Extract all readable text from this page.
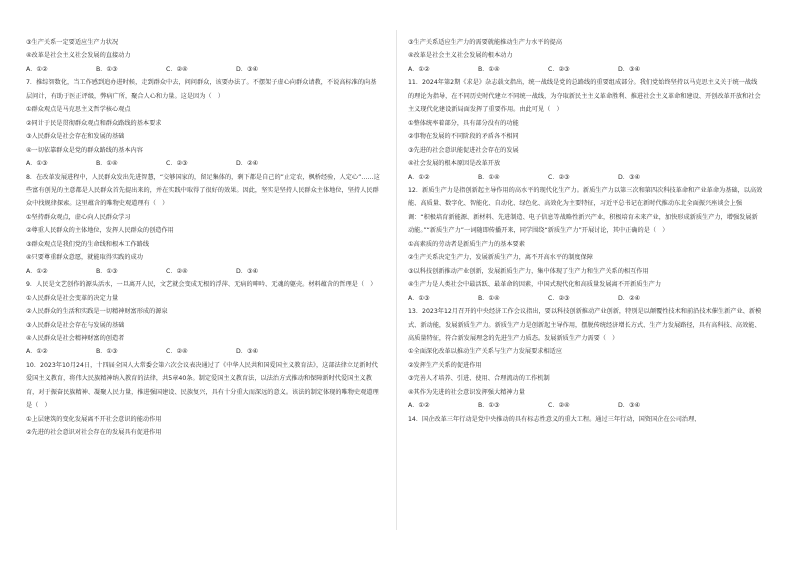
③生产关系一定要适应生产力状况

④改革是社会主义社会发展的直接动力

A．①②	B．①③	C．②④	D．③④

7．推综智数化，当工作感到追办进时候，走到群众中去，问问群众，该要办法了。不摆架子虚心向群众请教，不说高标准的向基层问计，有助于医正评级，弊病广所，聚合人心和力量。这是因为（　）

①群众观点是马克思主义哲学核心观点

②同计于民是贯彻群众观点和群众路线的基本要求

③人民群众是社会存在和发展的基础

④一切依靠群众是党的群众路线的基本内容

A．①③	B．①④	C．②③	D．②④

8．在改革发展进程中，人民群众发出先进智慧，“交够国家的，留足集体的，剩下都是自己的”止定农，枫桥经验，人定心”……这些富有创见的主意都是人民群众首先提出来的，并在实践中取得了很好的效果。因此，坚实是坚持人民群众主体地位，坚持人民群众中找规律探索。这里蕴含的唯物史观道理有（　）

①坚持群众观点，虚心向人民群众学习

②尊重人民群众的主体地位，发挥人民群众的创造作用

③群众观点是我们党的生命线和根本工作路线

④只要尊重群众意愿，就能取得实践的成功

A．①②	B．①③	C．②④	D．③④

9．人民是文艺创作的源头活水，一旦离开人民，文艺就会变成无根的浮萍、无病的呻吟、无魂的躯壳。材料蕴含的哲理是（　）

①人民群众是社会变革的决定力量

②人民群众的生活和实践是一切精神财富形成的源泉

③人民群众是社会存在与发展的基础

④人民群众是社会精神财富的创造者

A．①②	B．①③	C．②④	D．③④

10．2023年10月24日，十四届全国人大常委会第六次会议表决通过了《中华人民共和国爱国主义教育法》，这部法律立足新时代爱国主义教育，将伟大民族精神纳入教育的法律，共5章40条。制定爱国主义教育法，以法治方式推动和保障新时代爱国主义教育，对于振奋民族精神、凝聚人民力量，推进强国建设、民族复兴，具有十分重大而深远的意义。该法的制定体现的唯物史观道理是（　）

①上层建筑的变化发展离不开社会意识的能动作用

②先进的社会意识对社会存在的发展具有促进作用

③生产关系适应生产力的需要就能推动生产力水平的提高

④改革是社会主义社会发展的根本动力

A．①②	B．①④	C．②③	D．③④

11．2024年第2期《求是》杂志载文指出，统一战线是党的总路线的重要组成部分。我们党始终坚持以马克思主义关于统一战线的理论为指导，在不同历史时代建立不同统一战线，为夺取新民主主义革命胜利、推进社会主义革命和建设、开创改革开放和社会主义现代化建设新局面发挥了重要作用。由此可见（　）

①整体统率着部分，具有部分没有的功能

②事物在发展的不同阶段的矛盾各不相同

③先进的社会意识能促进社会存在的发展

④社会发展的根本原因是改革开放

A．①②	B．①④	C．②③	D．③④

12．新质生产力是指创新起主导作用的高水平的现代化生产力。新质生产力以第三次和第四次科技革命和产业革命为基础，以高效能、高质量、数字化、智能化、自动化、绿色化、高效化为主要特征，习近平总书记在新时代推动东北全面振兴座谈会上强调：“积极培育新能源、新材料、先进制造、电子信息等战略性新兴产业，积极培育未来产业，加快形成新质生产力，增强发展新动能。”“新质生产力”一词随即传播开来，同学围绕“新质生产力”开展讨论，其中正确的是（　）

①高素质的劳动者是新质生产力的基本要素

②生产关系决定生产力，发展新质生产力，离不开高水平的制度保障

③以科技创新推动产业创新，发展新质生产力，集中体现了生产力和生产关系的相互作用

④生产力是人类社会中最活跃、最革命的因素，中国式现代化和高质量发展离不开新质生产力

A．①③	B．①④	C．②③	D．②④

13．2023年12月召开的中央经济工作会议指出，要以科技创新推动产业创新，特别是以颠覆性技术和前沿技术催生新产业、新模式、新动能，发展新质生产力。新质生产力是创新起主导作用，摆脱传统经济增长方式、生产力发展路径，具有高科技、高效能、高质量特征，符合新发展理念的先进生产力质态。发展新质生产力需要（　）

①全面深化改革以推动生产关系与生产力发展要求相适应

②发挥生产关系的促进作用

③完善人才培养、引进、使用、合理流动的工作机制

④其作为先进的社会意识发挥强大精神力量

A．①②	B．①③	C．②④	D．③④

14．国企改革三年行动是党中央推动的具有标志性意义的重大工程。通过三年行动，国资国企在公司治理、
